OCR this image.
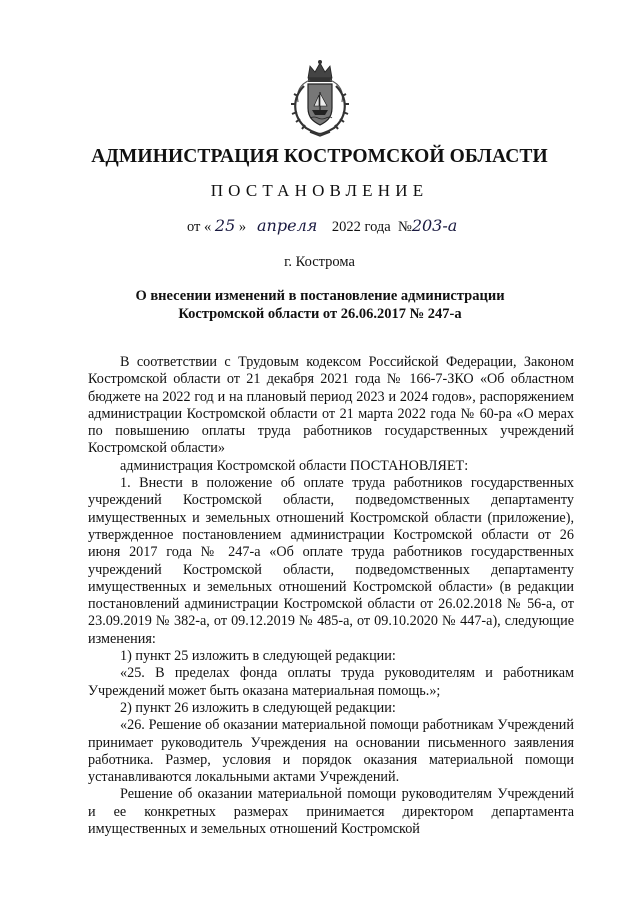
АДМИНИСТРАЦИЯ КОСТРОМСКОЙ ОБЛАСТИ
ПОСТАНОВЛЕНИЕ
от « 25 » апреля 2022 года №203-а
г. Кострома
О внесении изменений в постановление администрации Костромской области от 26.06.2017 № 247-а

В соответствии с Трудовым кодексом Российской Федерации, Законом Костромской области от 21 декабря 2021 года № 166-7-ЗКО «Об областном бюджете на 2022 год и на плановый период 2023 и 2024 годов», распоряжением администрации Костромской области от 21 марта 2022 года № 60-ра «О мерах по повышению оплаты труда работников государственных учреждений Костромской области»

администрация Костромской области ПОСТАНОВЛЯЕТ:

1. Внести в положение об оплате труда работников государственных учреждений Костромской области, подведомственных департаменту имущественных и земельных отношений Костромской области (приложение), утвержденное постановлением администрации Костромской области от 26 июня 2017 года № 247-а «Об оплате труда работников государственных учреждений Костромской области, подведомственных департаменту имущественных и земельных отношений Костромской области» (в редакции постановлений администрации Костромской области от 26.02.2018 № 56-а, от 23.09.2019 № 382-а, от 09.12.2019 № 485-а, от 09.10.2020 № 447-а), следующие изменения:

1) пункт 25 изложить в следующей редакции:

«25. В пределах фонда оплаты труда руководителям и работникам Учреждений может быть оказана материальная помощь.»;

2) пункт 26 изложить в следующей редакции:

«26. Решение об оказании материальной помощи работникам Учреждений принимает руководитель Учреждения на основании письменного заявления работника. Размер, условия и порядок оказания материальной помощи устанавливаются локальными актами Учреждений.

Решение об оказании материальной помощи руководителям Учреждений и ее конкретных размерах принимается директором департамента имущественных и земельных отношений Костромской
